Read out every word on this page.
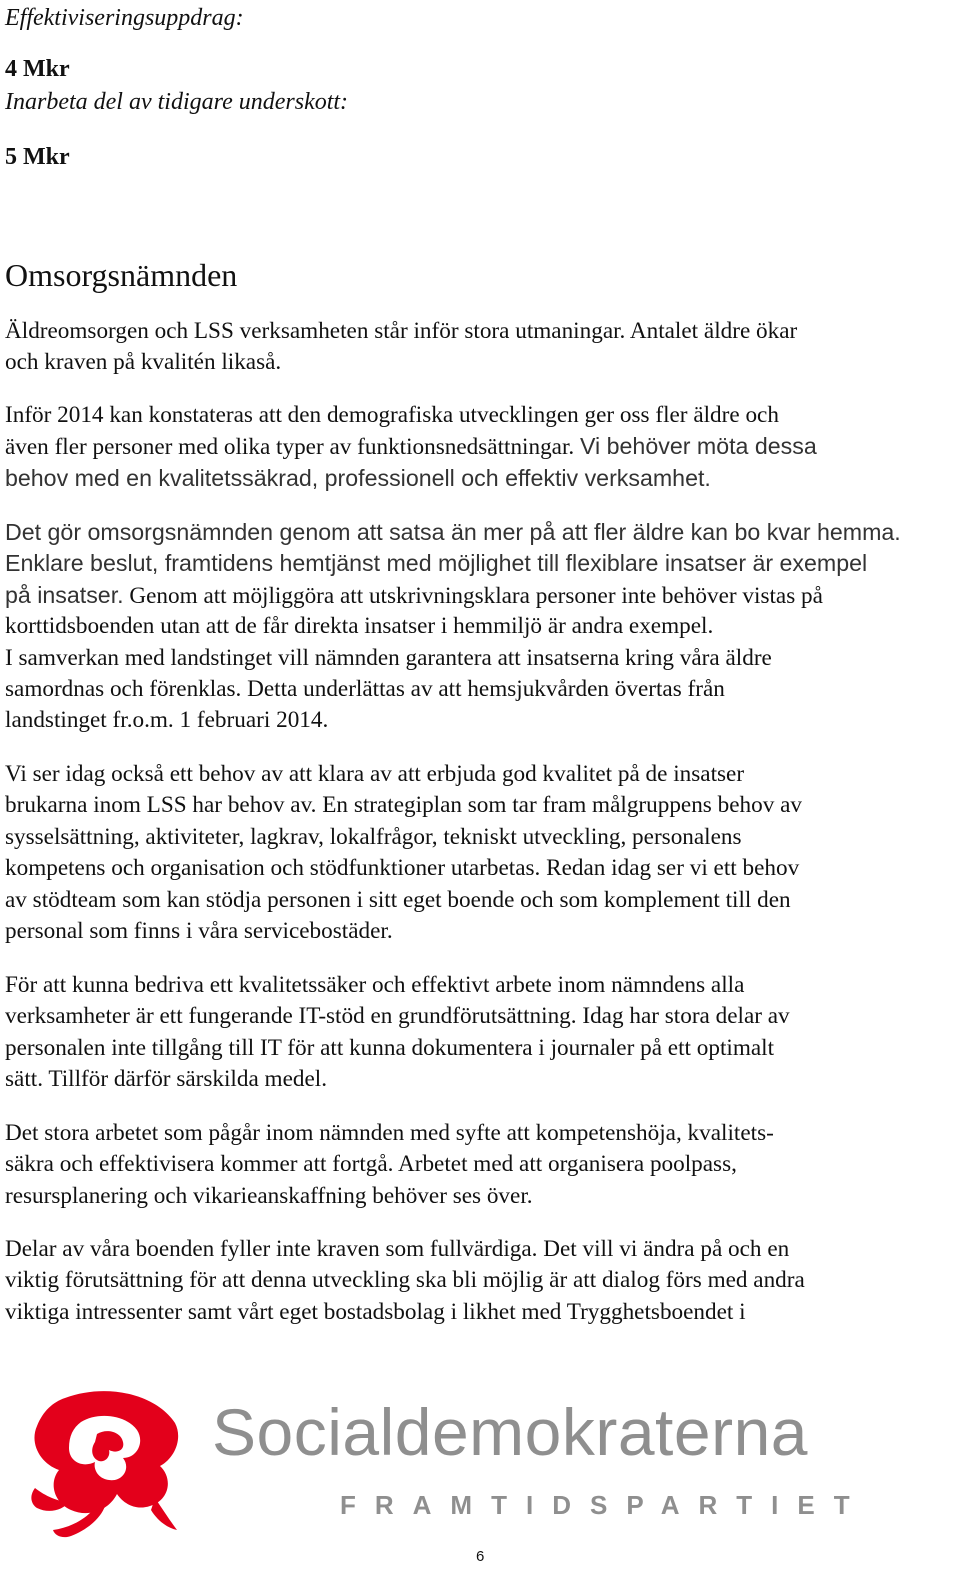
Effektiviseringsuppdrag:
4 Mkr
Inarbeta del av tidigare underskott:
5 Mkr
Omsorgsnämnden
Äldreomsorgen och LSS verksamheten står inför stora utmaningar. Antalet äldre ökar
och kraven på kvalitén likaså.
Inför 2014 kan konstateras att den demografiska utvecklingen ger oss fler äldre och
även fler personer med olika typer av funktionsnedsättningar. Vi behöver möta dessa
behov med en kvalitetssäkrad, professionell och effektiv verksamhet.
Det gör omsorgsnämnden genom att satsa än mer på att fler äldre kan bo kvar hemma.
Enklare beslut, framtidens hemtjänst med möjlighet till flexiblare insatser är exempel
på insatser. Genom att möjliggöra att utskrivningsklara personer inte behöver vistas på
korttidsboenden utan att de får direkta insatser i hemmiljö är andra exempel.
I samverkan med landstinget vill nämnden garantera att insatserna kring våra äldre
samordnas och förenklas. Detta underlättas av att hemsjukvården övertas från
landstinget fr.o.m. 1 februari 2014.
Vi ser idag också ett behov av att klara av att erbjuda god kvalitet på de insatser
brukarna inom LSS har behov av. En strategiplan som tar fram målgruppens behov av
sysselsättning, aktiviteter, lagkrav, lokalfrågor, tekniskt utveckling, personalens
kompetens och organisation och stödfunktioner utarbetas. Redan idag ser vi ett behov
av stödteam som kan stödja personen i sitt eget boende och som komplement till den
personal som finns i våra servicebostäder.
För att kunna bedriva ett kvalitetssäker och effektivt arbete inom nämndens alla
verksamheter är ett fungerande IT-stöd en grundförutsättning. Idag har stora delar av
personalen inte tillgång till IT för att kunna dokumentera i journaler på ett optimalt
sätt. Tillför därför särskilda medel.
Det stora arbetet som pågår inom nämnden med syfte att kompetenshöja, kvalitets-
säkra och effektivisera kommer att fortgå. Arbetet med att organisera poolpass,
resursplanering och vikarieanskaffning behöver ses över.
Delar av våra boenden fyller inte kraven som fullvärdiga. Det vill vi ändra på och en
viktig förutsättning för att denna utveckling ska bli möjlig är att dialog förs med andra
viktiga intressenter samt vårt eget bostadsbolag i likhet med Trygghetsboendet i
Socialdemokraterna
FRAMTIDSPARTIET
6
